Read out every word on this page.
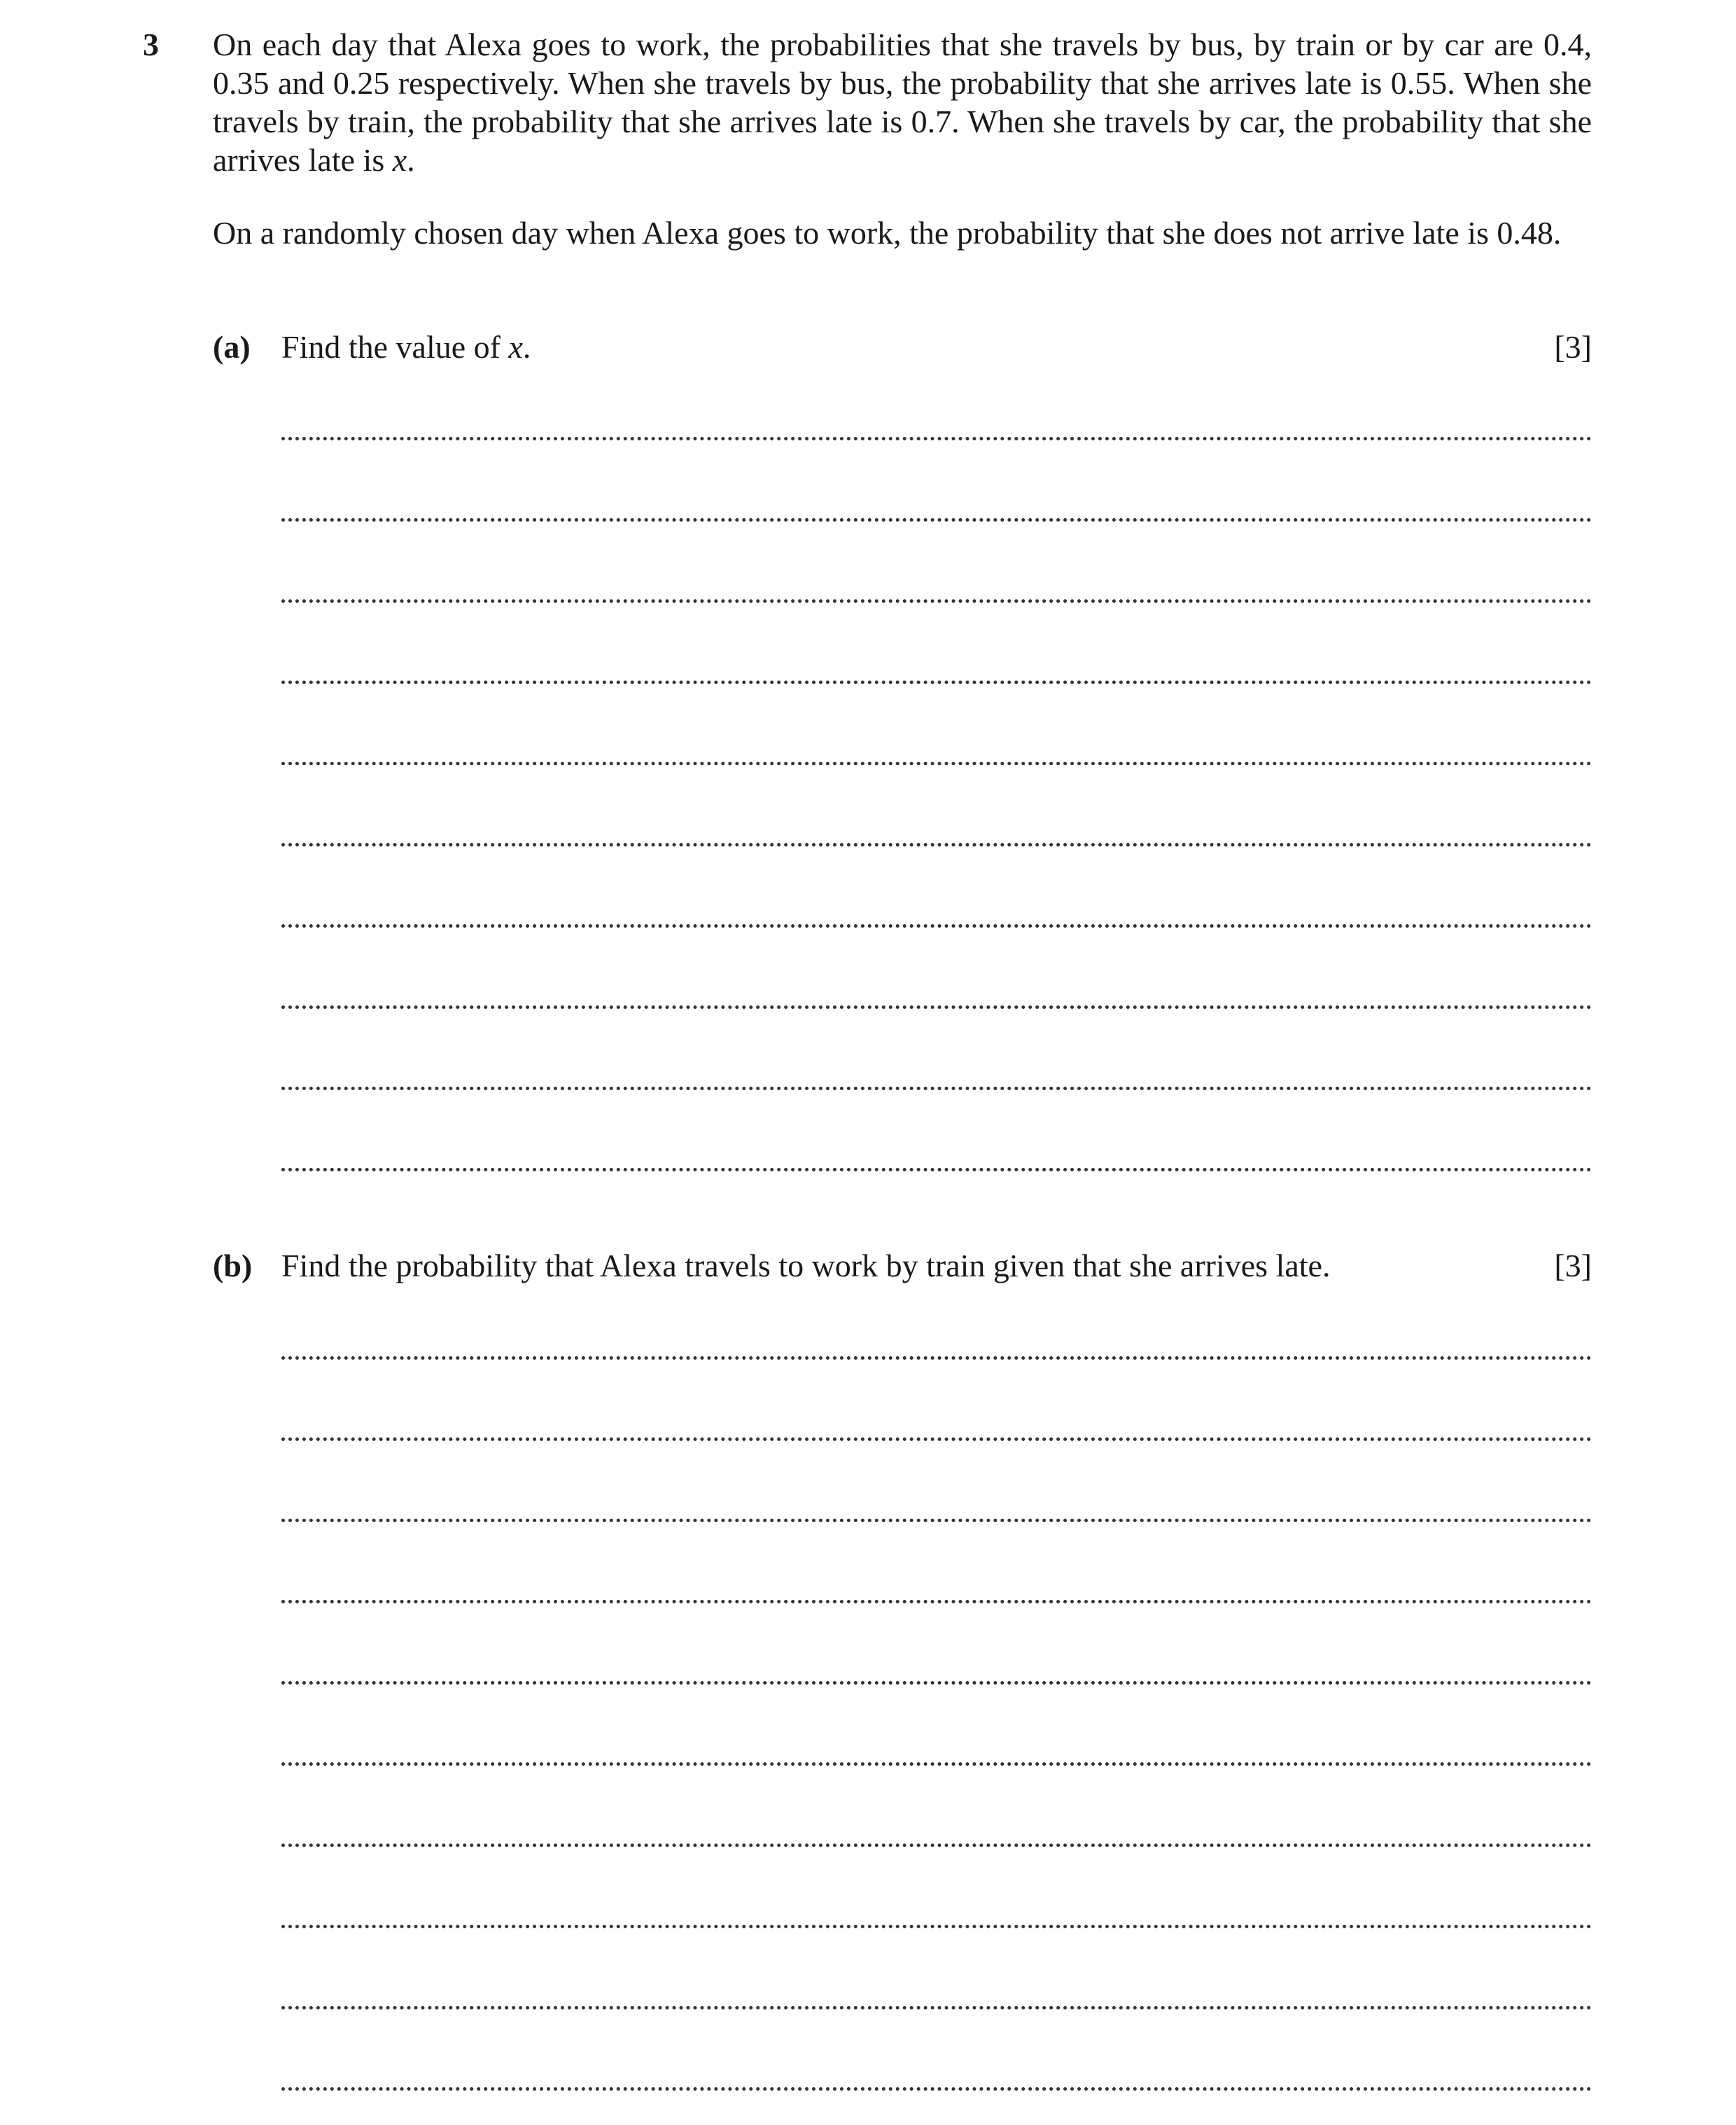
3 On each day that Alexa goes to work, the probabilities that she travels by bus, by train or by car are 0.4, 0.35 and 0.25 respectively. When she travels by bus, the probability that she arrives late is 0.55. When she travels by train, the probability that she arrives late is 0.7. When she travels by car, the probability that she arrives late is x.
On a randomly chosen day when Alexa goes to work, the probability that she does not arrive late is 0.48.
(a) Find the value of x.	[3]
(b) Find the probability that Alexa travels to work by train given that she arrives late.	[3]
